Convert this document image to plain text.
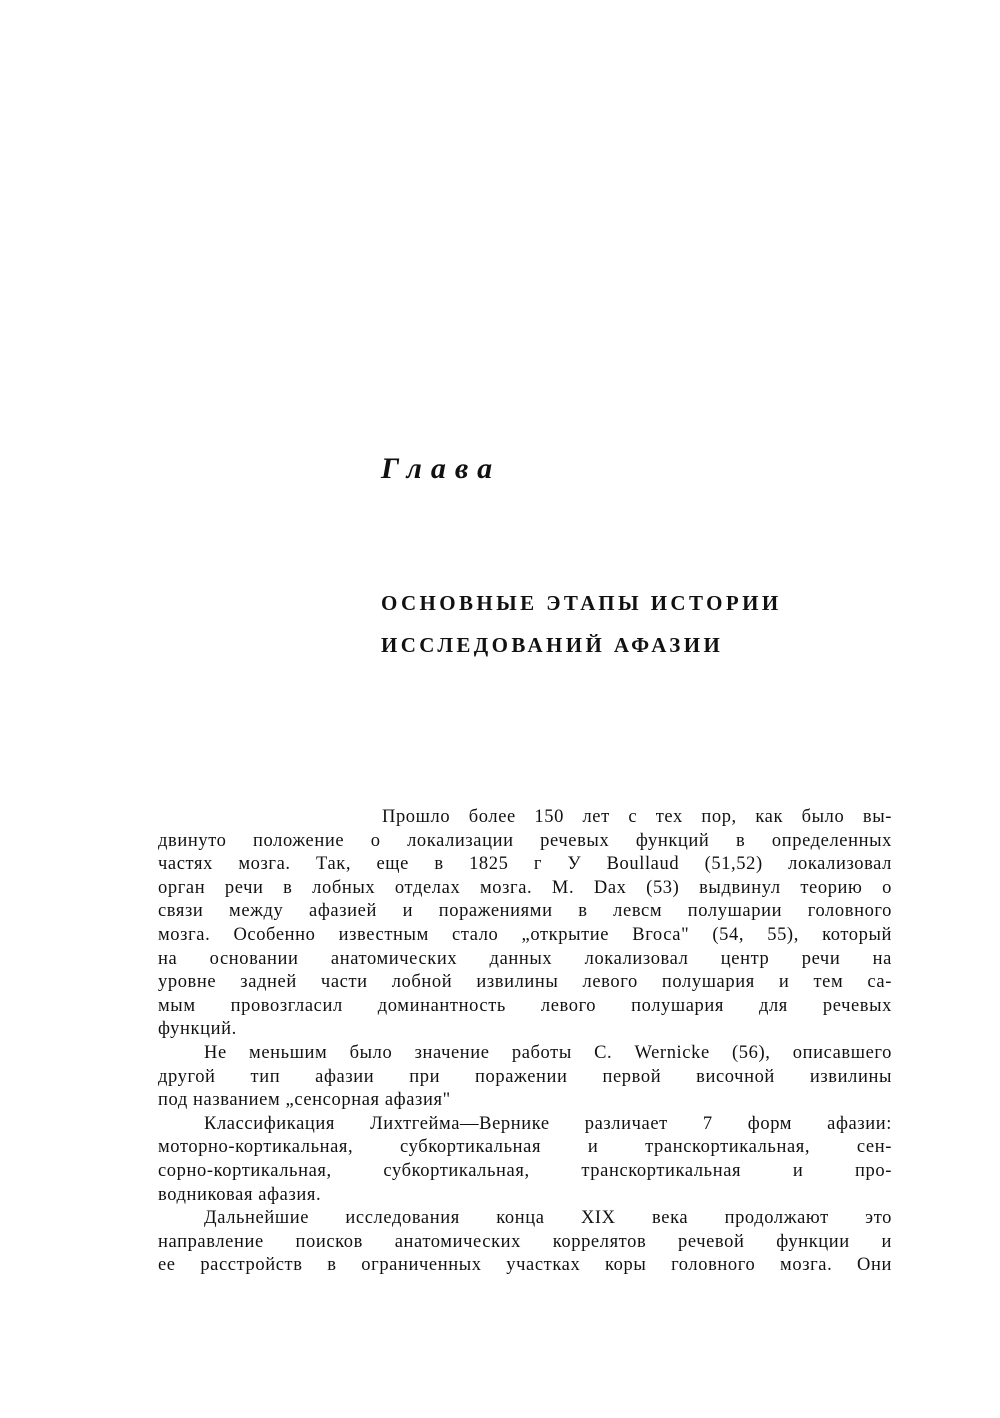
Глава
ОСНОВНЫЕ ЭТАПЫ ИСТОРИИ
ИССЛЕДОВАНИЙ АФАЗИИ
Прошло более 150 лет с тех пор, как было вы-
двинуто положение о локализации речевых функций в определенных
частях мозга. Так, еще в 1825 г У Boullaud (51,52) локализовал
орган речи в лобных отделах мозга. M. Dax (53) выдвинул теорию о
связи между афазией и поражениями в левсм полушарии головного
мозга. Особенно известным стало „открытие Вгоса" (54, 55), который
на основании анатомических данных локализовал центр речи на
уровне задней части лобной извилины левого полушария и тем са-
мым провозгласил доминантность левого полушария для речевых
функций.
Не меньшим было значение работы С. Wernicke (56), описавшего
другой тип афазии при поражении первой височной извилины
под названием „сенсорная афазия"
Классификация Лихтгейма—Вернике различает 7 форм афазии:
моторно-кортикальная, субкортикальная и транскортикальная, сен-
сорно-кортикальная, субкортикальная, транскортикальная и про-
водниковая афазия.
Дальнейшие исследования конца XIX века продолжают это
направление поисков анатомических коррелятов речевой функции и
ее расстройств в ограниченных участках коры головного мозга. Они
